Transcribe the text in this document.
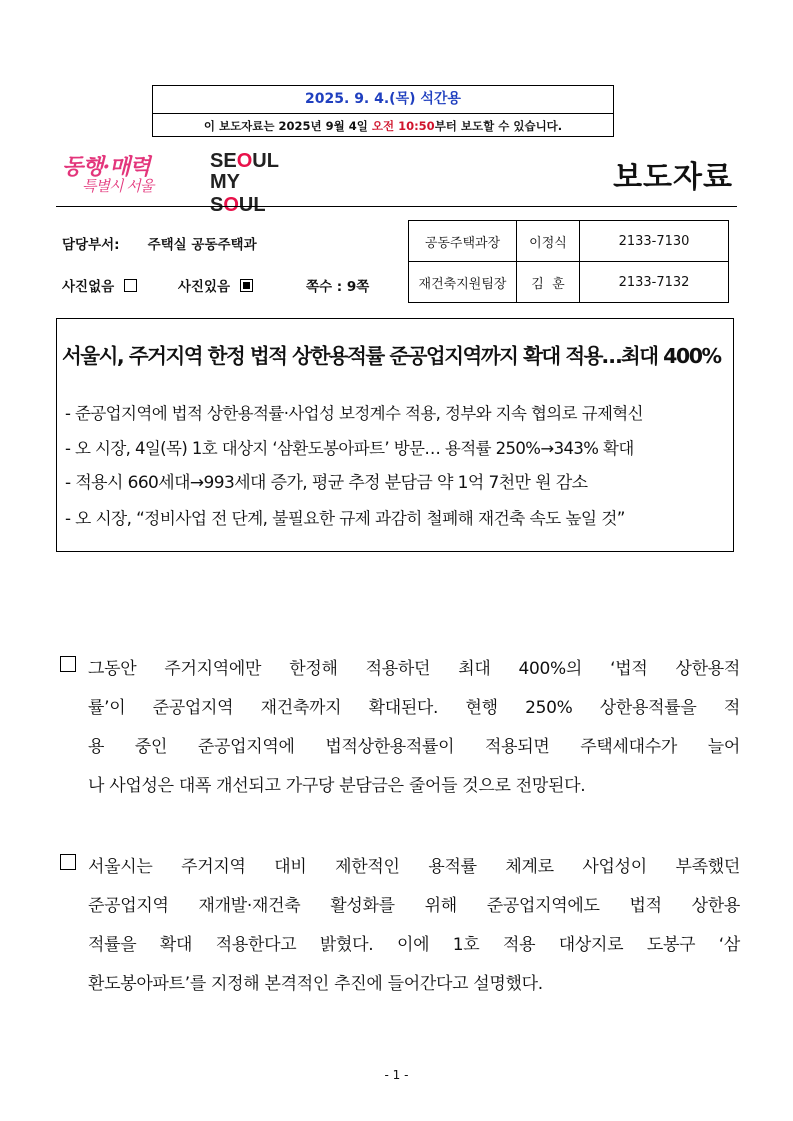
2025. 9. 4.(목) 석간용
이 보도자료는 2025년 9월 4일 오전 10:50부터 보도할 수 있습니다.
동행·매력
특별시 서울
SEOUL
MY SOUL
보도자료
담당부서: 주택실 공동주택과
사진없음	사진있음	쪽수 : 9쪽
공동주택과장	이정식	2133-7130
재건축지원팀장	김  훈	2133-7132
서울시, 주거지역 한정 법적 상한용적률 준공업지역까지 확대 적용…최대 400%
- 준공업지역에 법적 상한용적률·사업성 보정계수 적용, 정부와 지속 협의로 규제혁신
- 오 시장, 4일(목) 1호 대상지 ‘삼환도봉아파트’ 방문… 용적률 250%→343% 확대
- 적용시 660세대→993세대 증가, 평균 추정 분담금 약 1억 7천만 원 감소
- 오 시장, “정비사업 전 단계, 불필요한 규제 과감히 철폐해 재건축 속도 높일 것”
그동안 주거지역에만 한정해 적용하던 최대 400%의 ‘법적 상한용적
률’이 준공업지역 재건축까지 확대된다. 현행 250% 상한용적률을 적
용 중인 준공업지역에 법적상한용적률이 적용되면 주택세대수가 늘어
나 사업성은 대폭 개선되고 가구당 분담금은 줄어들 것으로 전망된다.
서울시는 주거지역 대비 제한적인 용적률 체계로 사업성이 부족했던
준공업지역 재개발·재건축 활성화를 위해 준공업지역에도 법적 상한용
적률을 확대 적용한다고 밝혔다. 이에 1호 적용 대상지로 도봉구 ‘삼
환도봉아파트’를 지정해 본격적인 추진에 들어간다고 설명했다.
- 1 -
